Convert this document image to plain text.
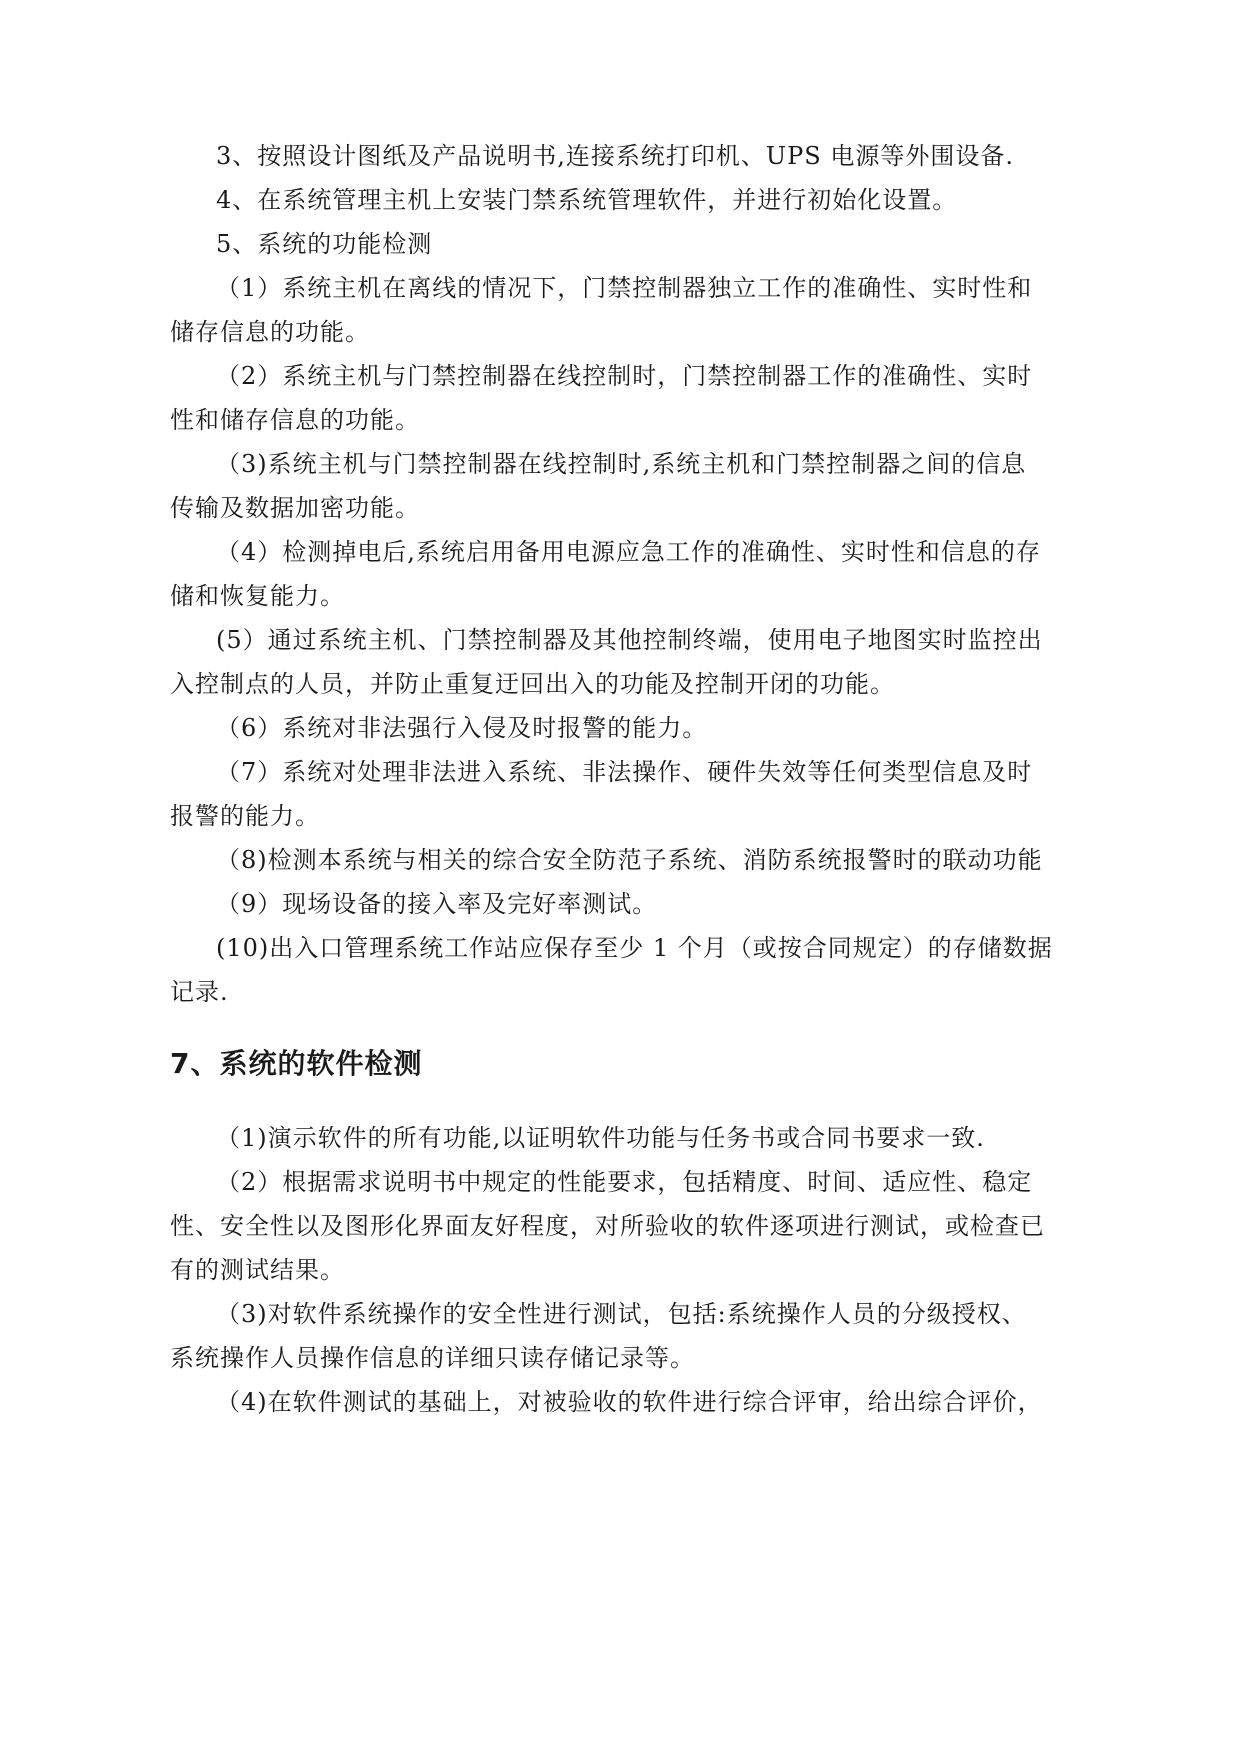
3、按照设计图纸及产品说明书,连接系统打印机、UPS 电源等外围设备.
4、在系统管理主机上安装门禁系统管理软件，并进行初始化设置。
5、系统的功能检测
（1）系统主机在离线的情况下，门禁控制器独立工作的准确性、实时性和
储存信息的功能。
（2）系统主机与门禁控制器在线控制时，门禁控制器工作的准确性、实时
性和储存信息的功能。
（3)系统主机与门禁控制器在线控制时,系统主机和门禁控制器之间的信息
传输及数据加密功能。
（4）检测掉电后,系统启用备用电源应急工作的准确性、实时性和信息的存
储和恢复能力。
(5）通过系统主机、门禁控制器及其他控制终端，使用电子地图实时监控出
入控制点的人员，并防止重复迂回出入的功能及控制开闭的功能。
（6）系统对非法强行入侵及时报警的能力。
（7）系统对处理非法进入系统、非法操作、硬件失效等任何类型信息及时
报警的能力。
（8)检测本系统与相关的综合安全防范子系统、消防系统报警时的联动功能
（9）现场设备的接入率及完好率测试。
(10)出入口管理系统工作站应保存至少 1 个月（或按合同规定）的存储数据
记录.
7、系统的软件检测
（1)演示软件的所有功能,以证明软件功能与任务书或合同书要求一致.
（2）根据需求说明书中规定的性能要求，包括精度、时间、适应性、稳定
性、安全性以及图形化界面友好程度，对所验收的软件逐项进行测试，或检查已
有的测试结果。
（3)对软件系统操作的安全性进行测试，包括:系统操作人员的分级授权、
系统操作人员操作信息的详细只读存储记录等。
（4)在软件测试的基础上，对被验收的软件进行综合评审，给出综合评价，
